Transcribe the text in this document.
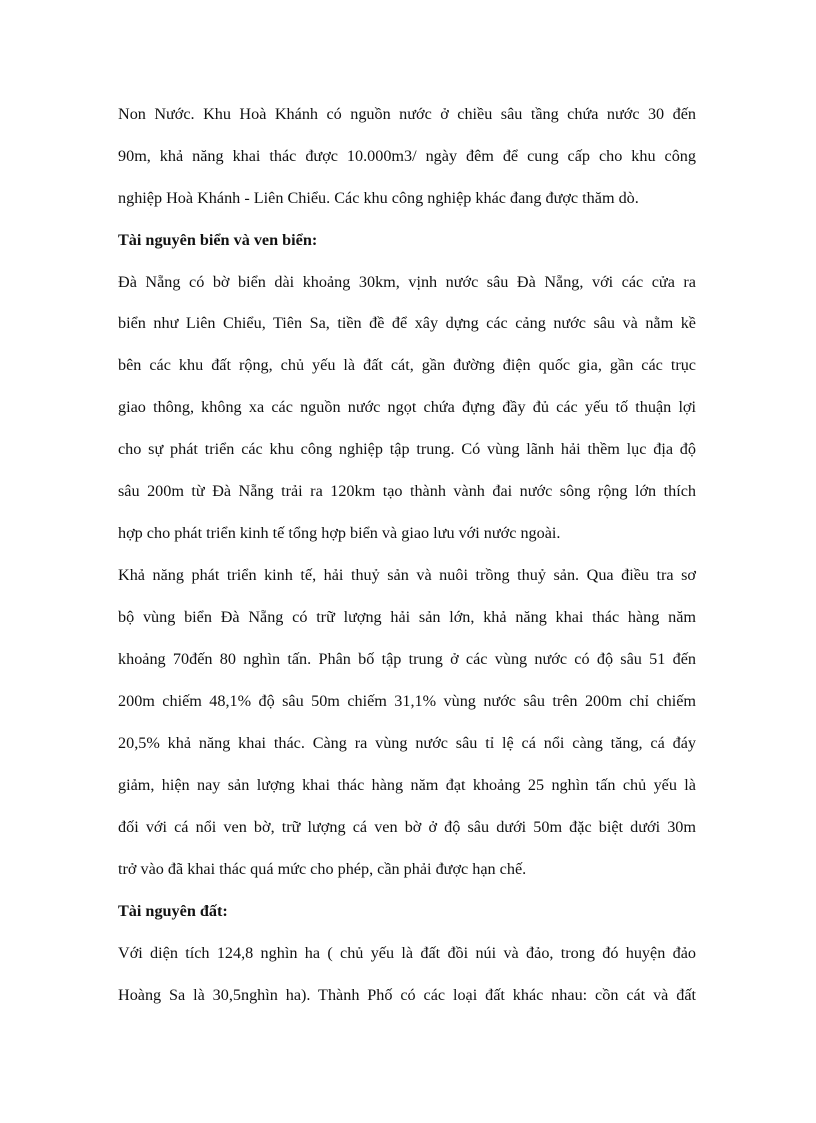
Non Nước. Khu Hoà Khánh có nguồn nước ở chiều sâu tầng chứa nước 30 đến
90m, khả năng khai thác được 10.000m3/ ngày đêm để cung cấp cho khu công
nghiệp Hoà Khánh - Liên Chiểu. Các khu công nghiệp khác đang được thăm dò.
Tài nguyên biển và ven biển:
Đà Nẵng có bờ biển dài khoảng 30km, vịnh nước sâu Đà Nẵng, với các cửa ra
biển như Liên Chiểu, Tiên Sa, tiền đề để xây dựng các cảng nước sâu và nằm kề
bên các khu đất rộng, chủ yếu là đất cát, gần đường điện quốc gia, gần các trục
giao thông, không xa các nguồn nước ngọt chứa đựng đầy đủ các yếu tố thuận lợi
cho sự phát triển các khu công nghiệp tập trung. Có vùng lãnh hải thềm lục địa độ
sâu 200m từ Đà Nẵng trải ra 120km tạo thành vành đai nước sông rộng lớn thích
hợp cho phát triển kinh tế tổng hợp biển và giao lưu với nước ngoài.
Khả năng phát triển kinh tế, hải thuỷ sản và nuôi trồng thuỷ sản. Qua điều tra sơ
bộ vùng biển Đà Nẵng có trữ lượng hải sản lớn, khả năng khai thác hàng năm
khoảng 70đến 80 nghìn tấn. Phân bố tập trung ở các vùng nước có độ sâu 51 đến
200m chiếm 48,1% độ sâu 50m chiếm 31,1% vùng nước sâu trên 200m chỉ chiếm
20,5% khả năng khai thác. Càng ra vùng nước sâu tỉ lệ cá nổi càng tăng, cá đáy
giảm, hiện nay sản lượng khai thác hàng năm đạt khoảng 25 nghìn tấn chủ yếu là
đối với cá nổi ven bờ, trữ lượng cá ven bờ ở độ sâu dưới 50m đặc biệt dưới 30m
trở vào đã khai thác quá mức cho phép, cần phải được hạn chế.
Tài nguyên đất:
Với diện tích 124,8 nghìn ha ( chủ yếu là đất đồi núi và đảo, trong đó huyện đảo
Hoàng Sa là 30,5nghìn ha). Thành Phố có các loại đất khác nhau: cồn cát và đất
